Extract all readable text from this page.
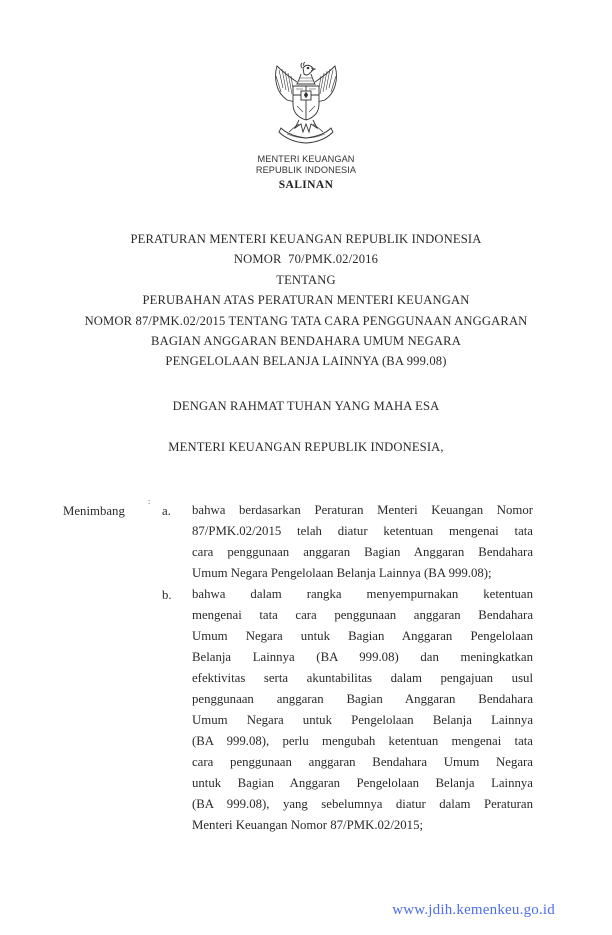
MENTERI KEUANGAN
REPUBLIK INDONESIA
SALINAN
PERATURAN MENTERI KEUANGAN REPUBLIK INDONESIA
NOMOR  70/PMK.02/2016
TENTANG
PERUBAHAN ATAS PERATURAN MENTERI KEUANGAN
NOMOR 87/PMK.02/2015 TENTANG TATA CARA PENGGUNAAN ANGGARAN
BAGIAN ANGGARAN BENDAHARA UMUM NEGARA
PENGELOLAAN BELANJA LAINNYA (BA 999.08)
DENGAN RAHMAT TUHAN YANG MAHA ESA
MENTERI KEUANGAN REPUBLIK INDONESIA,
Menimbang
:
a. bahwa berdasarkan Peraturan Menteri Keuangan Nomor
87/PMK.02/2015 telah diatur ketentuan mengenai tata
cara penggunaan anggaran Bagian Anggaran Bendahara
Umum Negara Pengelolaan Belanja Lainnya (BA 999.08);
b. bahwa dalam rangka menyempurnakan ketentuan
mengenai tata cara penggunaan anggaran Bendahara
Umum Negara untuk Bagian Anggaran Pengelolaan
Belanja Lainnya (BA 999.08) dan meningkatkan
efektivitas serta akuntabilitas dalam pengajuan usul
penggunaan anggaran Bagian Anggaran Bendahara
Umum Negara untuk Pengelolaan Belanja Lainnya
(BA 999.08), perlu mengubah ketentuan mengenai tata
cara penggunaan anggaran Bendahara Umum Negara
untuk Bagian Anggaran Pengelolaan Belanja Lainnya
(BA 999.08), yang sebelumnya diatur dalam Peraturan
Menteri Keuangan Nomor 87/PMK.02/2015;
www.jdih.kemenkeu.go.id
